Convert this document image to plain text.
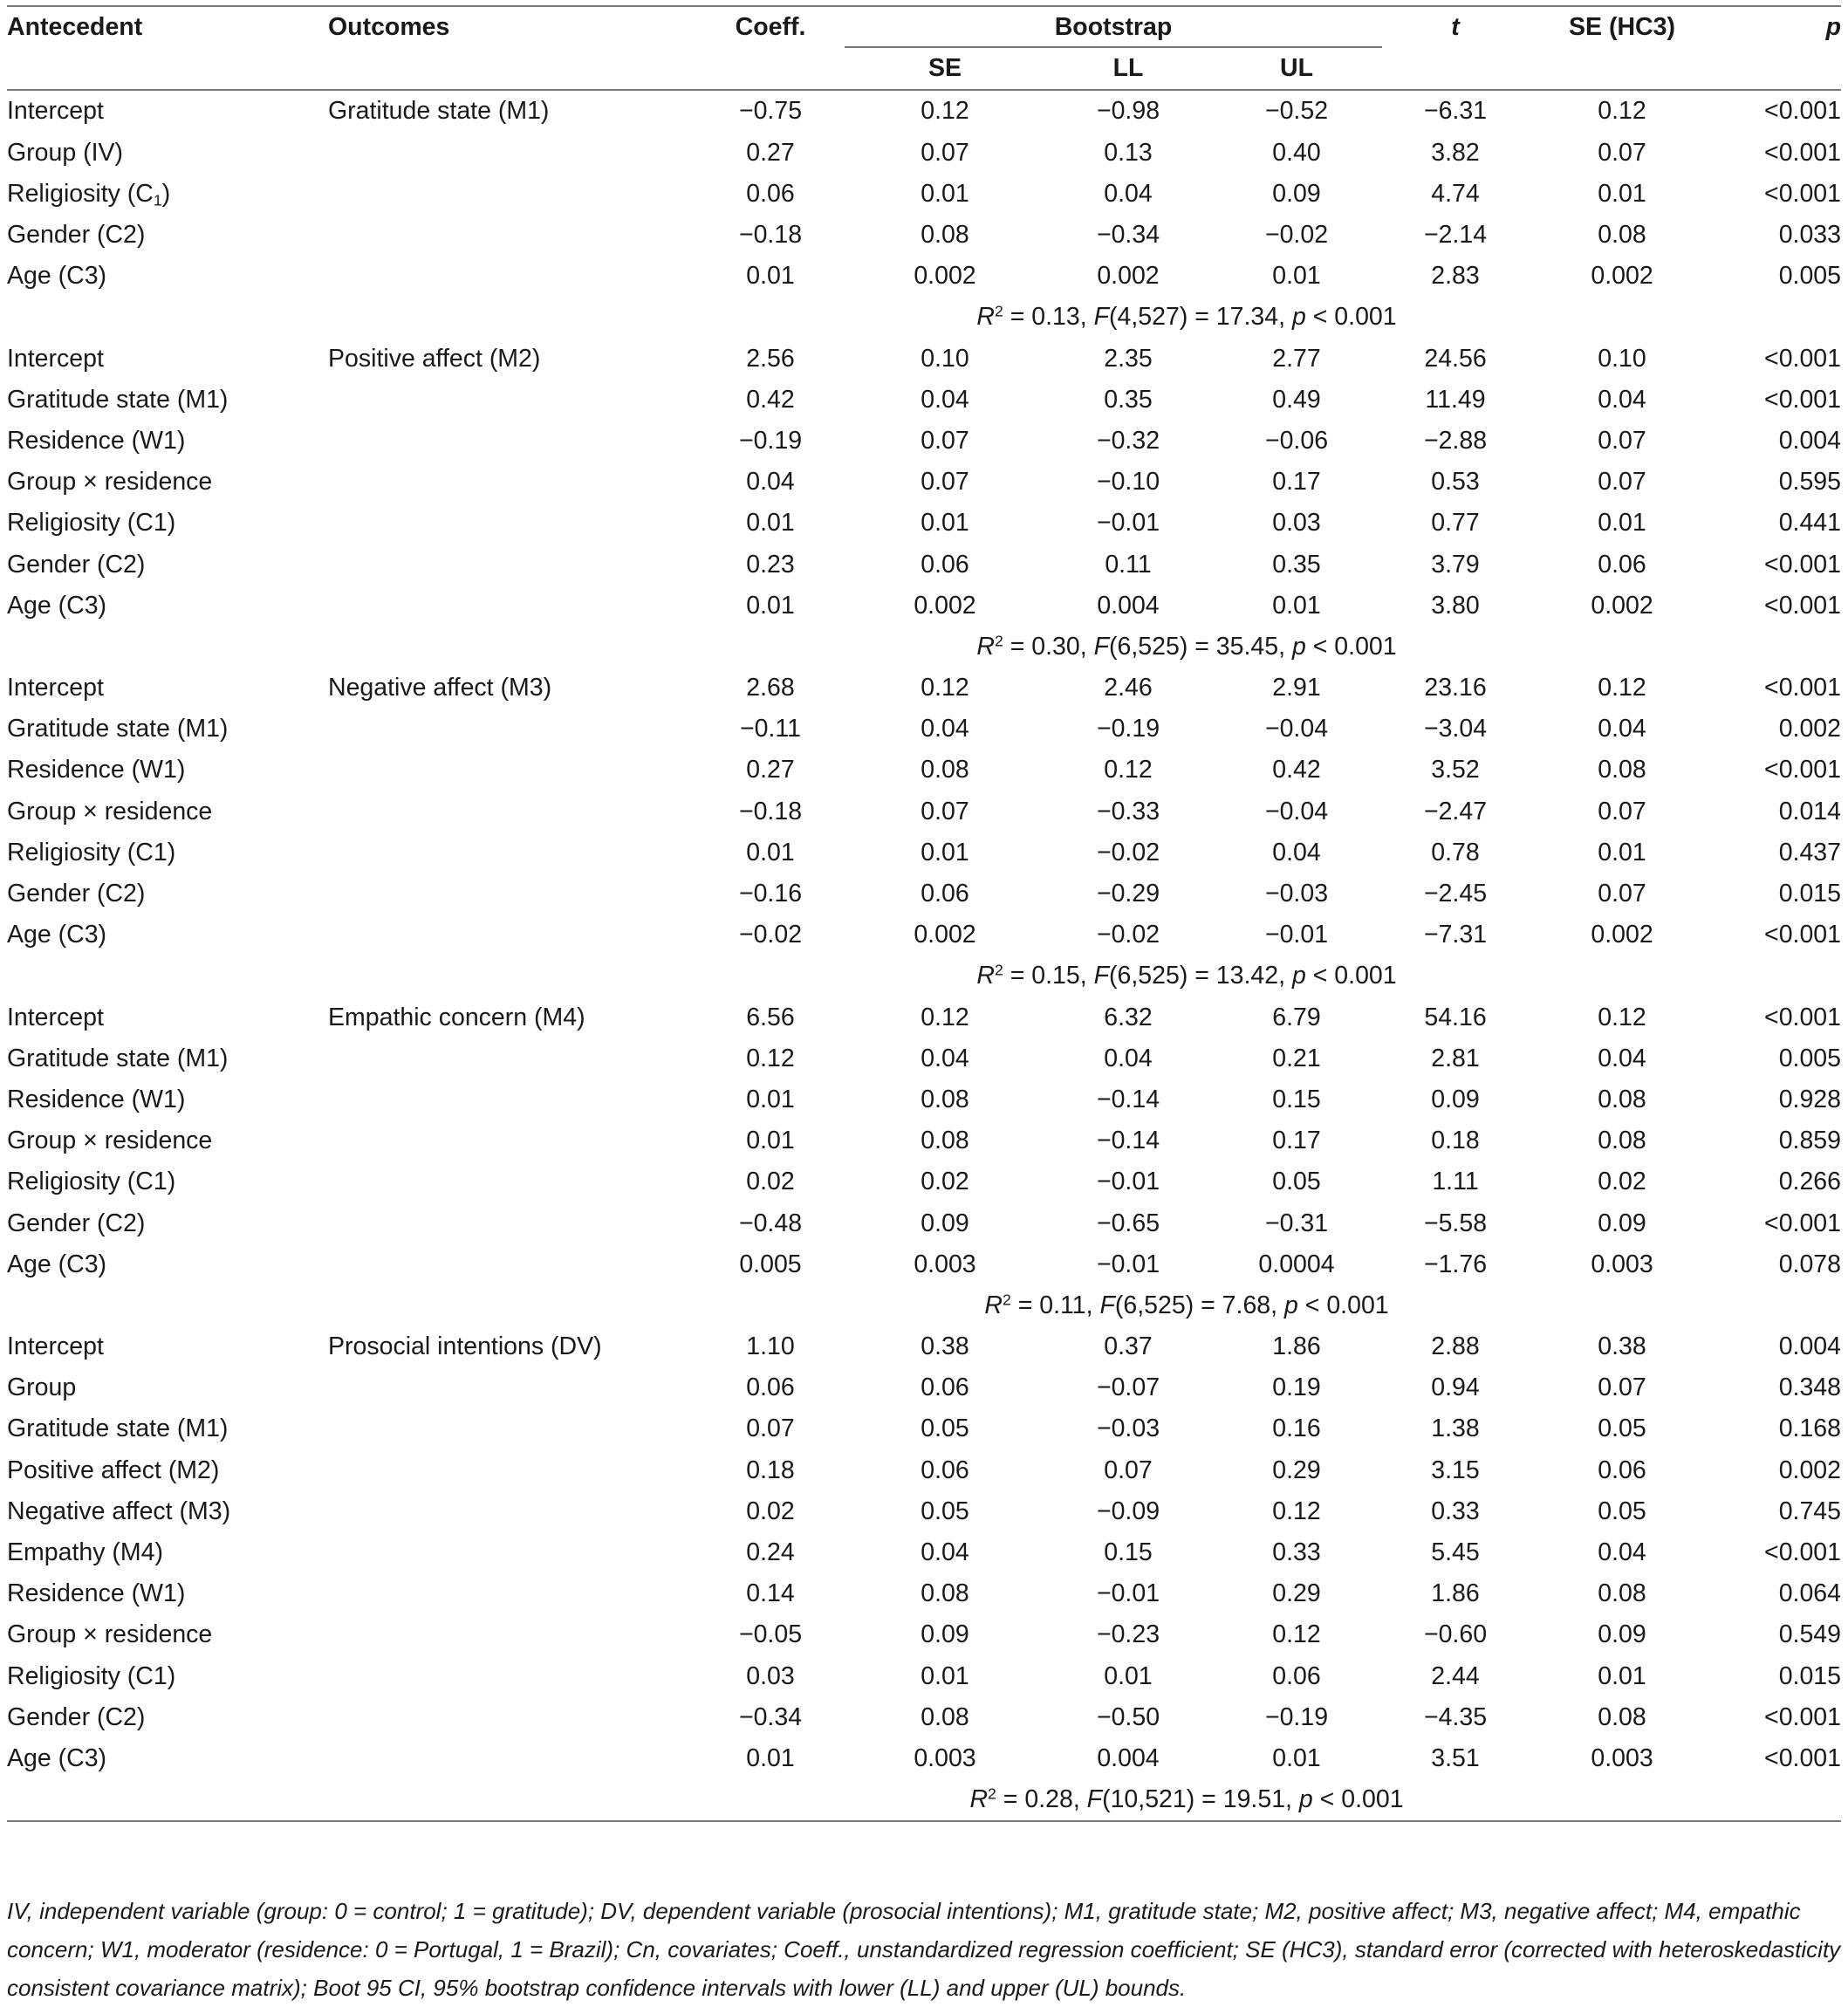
Antecedent	Outcomes	Coeff.	Bootstrap			t	SE (HC3)	p
			SE	LL	UL			
Intercept	Gratitude state (M1)	−0.75	0.12	−0.98	−0.52	−6.31	0.12	<0.001
Group (IV)		0.27	0.07	0.13	0.40	3.82	0.07	<0.001
Religiosity $(C_1)$		0.06	0.01	0.04	0.09	4.74	0.01	<0.001
Gender (C2)		−0.18	0.08	−0.34	−0.02	−2.14	0.08	0.033
Age (C3)		0.01	0.002	0.002	0.01	2.83	0.002	0.005
			$R^2 = 0.13$, F(4,527) = 17.34, p < 0.001					
Intercept	Positive affect (M2)	2.56	0.10	2.35	2.77	24.56	0.10	<0.001
Gratitude state (M1)		0.42	0.04	0.35	0.49	11.49	0.04	<0.001
Residence (W1)		−0.19	0.07	−0.32	−0.06	−2.88	0.07	0.004
Group × residence		0.04	0.07	−0.10	0.17	0.53	0.07	0.595
Religiosity (C1)		0.01	0.01	−0.01	0.03	0.77	0.01	0.441
Gender (C2)		0.23	0.06	0.11	0.35	3.79	0.06	<0.001
Age (C3)		0.01	0.002	0.004	0.01	3.80	0.002	<0.001
			$R^2 = 0.30$, F(6,525) = 35.45, p < 0.001					
Intercept	Negative affect (M3)	2.68	0.12	2.46	2.91	23.16	0.12	<0.001
Gratitude state (M1)		−0.11	0.04	−0.19	−0.04	−3.04	0.04	0.002
Residence (W1)		0.27	0.08	0.12	0.42	3.52	0.08	<0.001
Group × residence		−0.18	0.07	−0.33	−0.04	−2.47	0.07	0.014
Religiosity (C1)		0.01	0.01	−0.02	0.04	0.78	0.01	0.437
Gender (C2)		−0.16	0.06	−0.29	−0.03	−2.45	0.07	0.015
Age (C3)		−0.02	0.002	−0.02	−0.01	−7.31	0.002	<0.001
			$R^2 = 0.15$, F(6,525) = 13.42, p < 0.001					
Intercept	Empathic concern (M4)	6.56	0.12	6.32	6.79	54.16	0.12	<0.001
Gratitude state (M1)		0.12	0.04	0.04	0.21	2.81	0.04	0.005
Residence (W1)		0.01	0.08	−0.14	0.15	0.09	0.08	0.928
Group × residence		0.01	0.08	−0.14	0.17	0.18	0.08	0.859
Religiosity (C1)		0.02	0.02	−0.01	0.05	1.11	0.02	0.266
Gender (C2)		−0.48	0.09	−0.65	−0.31	−5.58	0.09	<0.001
Age (C3)		0.005	0.003	−0.01	0.0004	−1.76	0.003	0.078
			$R^2 = 0.11$, F(6,525) = 7.68, p < 0.001					
Intercept	Prosocial intentions (DV)	1.10	0.38	0.37	1.86	2.88	0.38	0.004
Group		0.06	0.06	−0.07	0.19	0.94	0.07	0.348
Gratitude state (M1)		0.07	0.05	−0.03	0.16	1.38	0.05	0.168
Positive affect (M2)		0.18	0.06	0.07	0.29	3.15	0.06	0.002
Negative affect (M3)		0.02	0.05	−0.09	0.12	0.33	0.05	0.745
Empathy (M4)		0.24	0.04	0.15	0.33	5.45	0.04	<0.001
Residence (W1)		0.14	0.08	−0.01	0.29	1.86	0.08	0.064
Group × residence		−0.05	0.09	−0.23	0.12	−0.60	0.09	0.549
Religiosity (C1)		0.03	0.01	0.01	0.06	2.44	0.01	0.015
Gender (C2)		−0.34	0.08	−0.50	−0.19	−4.35	0.08	<0.001
Age (C3)		0.01	0.003	0.004	0.01	3.51	0.003	<0.001
			$R^2 = 0.28$, F(10,521) = 19.51, p < 0.001					
IV, independent variable (group: 0 = control; 1 = gratitude); DV, dependent variable (prosocial intentions); M1, gratitude state; M2, positive affect; M3, negative affect; M4, empathic concern; W1, moderator (residence: 0 = Portugal, 1 = Brazil); Cn, covariates; Coeff., unstandardized regression coefficient; SE (HC3), standard error (corrected with heteroskedasticity consistent covariance matrix); Boot 95 CI, 95% bootstrap confidence intervals with lower (LL) and upper (UL) bounds.
